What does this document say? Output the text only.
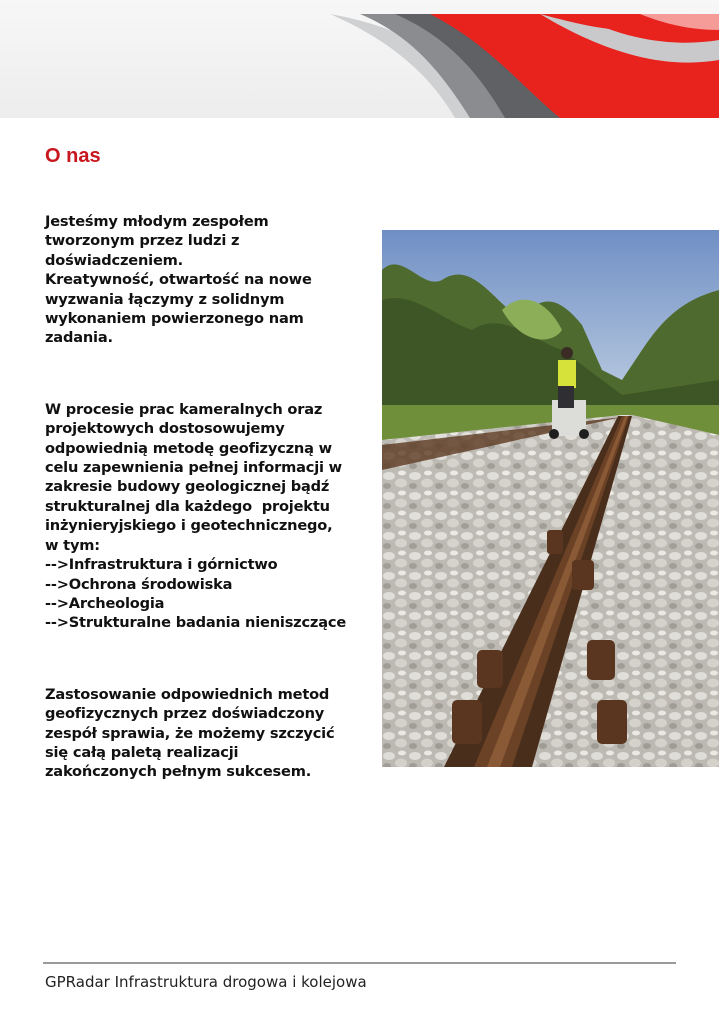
O nas

Jesteśmy młodym zespołem
tworzonym przez ludzi z
doświadczeniem.
Kreatywność, otwartość na nowe
wyzwania łączymy z solidnym
wykonaniem powierzonego nam
zadania.

W procesie prac kameralnych oraz
projektowych dostosowujemy
odpowiednią metodę geofizyczną w
celu zapewnienia pełnej informacji w
zakresie budowy geologicznej bądź
strukturalnej dla każdego  projektu
inżynieryjskiego i geotechnicznego,
w tym:

-->Infrastruktura i górnictwo
-->Ochrona środowiska
-->Archeologia
-->Strukturalne badania nieniszczące

Zastosowanie odpowiednich metod
geofizycznych przez doświadczony
zespół sprawia, że możemy szczycić
się całą paletą realizacji
zakończonych pełnym sukcesem.

GPRadar Infrastruktura drogowa i kolejowa
